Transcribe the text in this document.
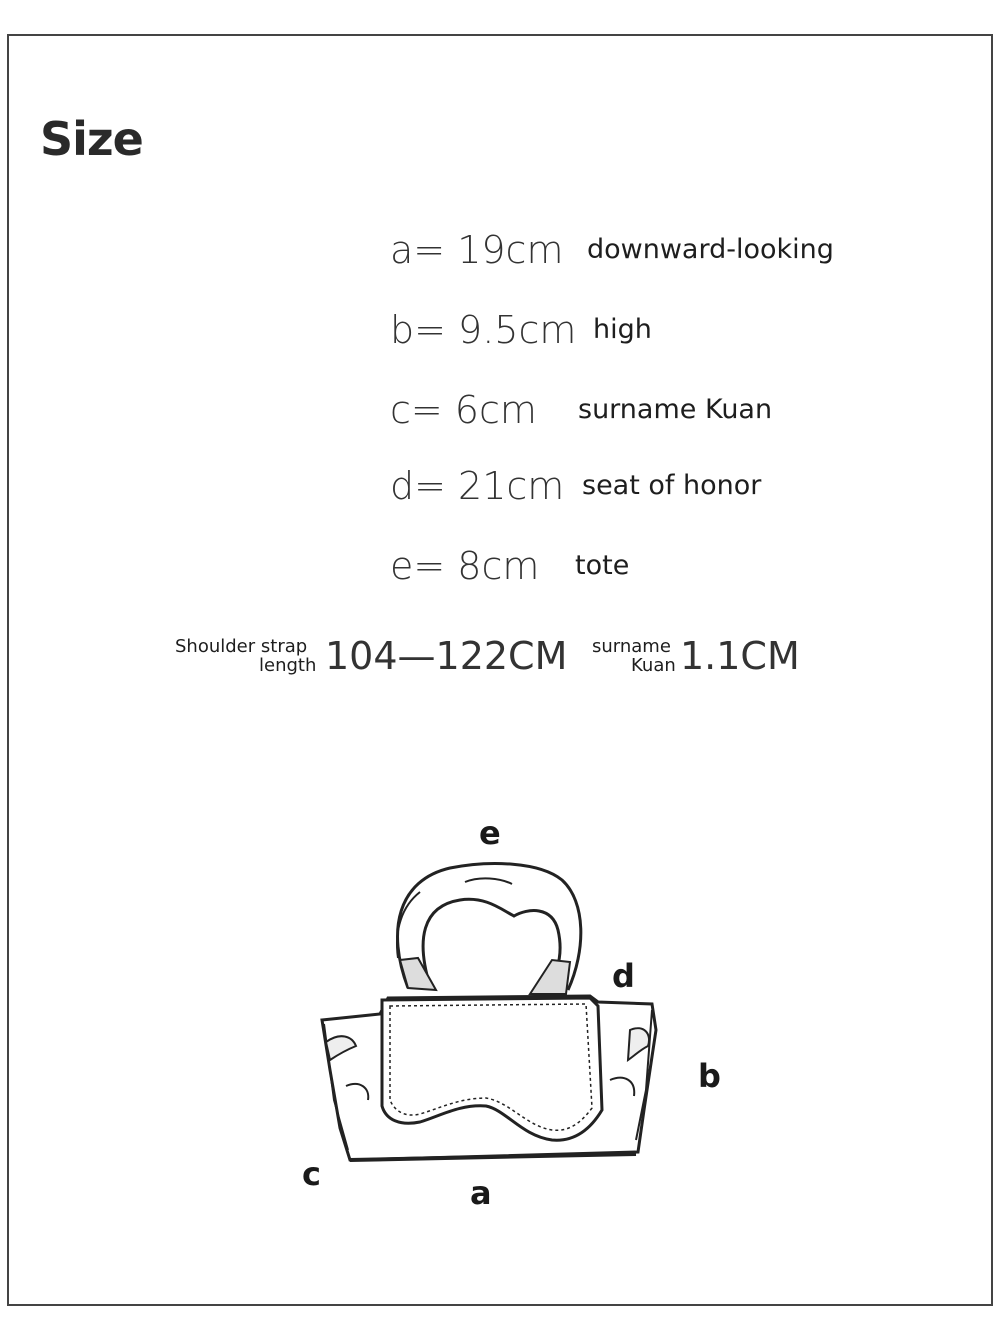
Size
a= 19cm downward-looking
b= 9.5cm high
c= 6cm surname Kuan
d= 21cm seat of honor
e= 8cm tote
Shoulder strap
length 104—122CM surname
Kuan 1.1CM
e
d
b
c	a
